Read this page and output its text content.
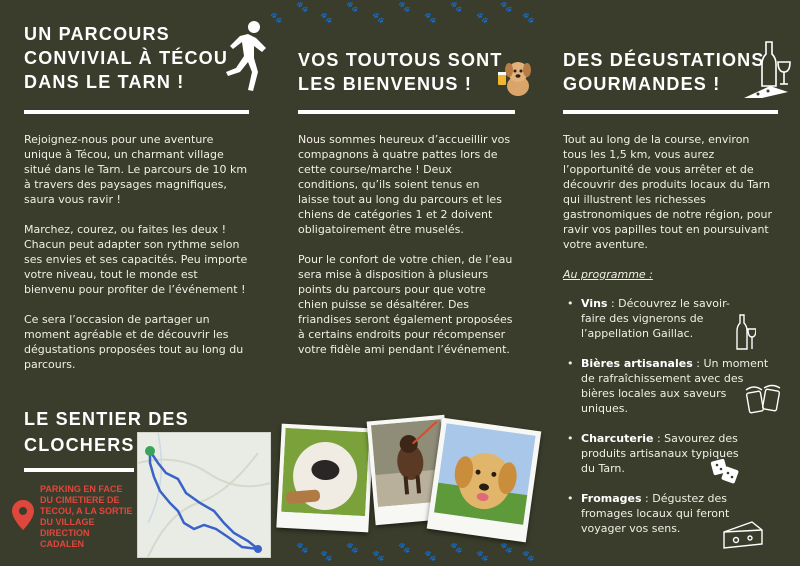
🐾
🐾
🐾
🐾
🐾
🐾
🐾
🐾
🐾
🐾
🐾
🐾
🐾
🐾
🐾
🐾
🐾
🐾
🐾
🐾
🐾
UN PARCOURS
CONVIVIAL À TÉCOU
DANS LE TARN !

Rejoignez-nous pour une aventure unique à Técou, un charmant village situé dans le Tarn. Le parcours de 10 km à travers des paysages magnifiques, saura vous ravir !

Marchez, courez, ou faites les deux ! Chacun peut adapter son rythme selon ses envies et ses capacités. Peu importe votre niveau, tout le monde est bienvenu pour profiter de l’événement !

Ce sera l’occasion de partager un moment agréable et de découvrir les dégustations proposées tout au long du parcours.

LE SENTIER DES
CLOCHERS
PARKING EN FACE
DU CIMETIERE DE
TECOU, A LA SORTIE
DU VILLAGE
DIRECTION
CADALEN
VOS TOUTOUS SONT
LES BIENVENUS !

Nous sommes heureux d’accueillir vos compagnons à quatre pattes lors de cette course/marche ! Deux conditions, qu’ils soient tenus en laisse tout au long du parcours et les chiens de catégories 1 et 2 doivent obligatoirement être muselés.

Pour le confort de votre chien, de l’eau sera mise à disposition à plusieurs points du parcours pour que votre chien puisse se désaltérer. Des friandises seront également proposées à certains endroits pour récompenser votre fidèle ami pendant l’événement.

DES DÉGUSTATIONS
GOURMANDES !

Tout au long de la course, environ tous les 1,5 km, vous aurez l’opportunité de vous arrêter et de découvrir des produits locaux du Tarn qui illustrent les richesses gastronomiques de notre région, pour ravir vos papilles tout en poursuivant votre aventure.

Au programme :

• Vins : Découvrez le savoir-faire des vignerons de l’appellation Gaillac.
• Bières artisanales : Un moment de rafraîchissement avec des bières locales aux saveurs uniques.
• Charcuterie : Savourez des produits artisanaux typiques du Tarn.
• Fromages : Dégustez des fromages locaux qui feront voyager vos sens.
